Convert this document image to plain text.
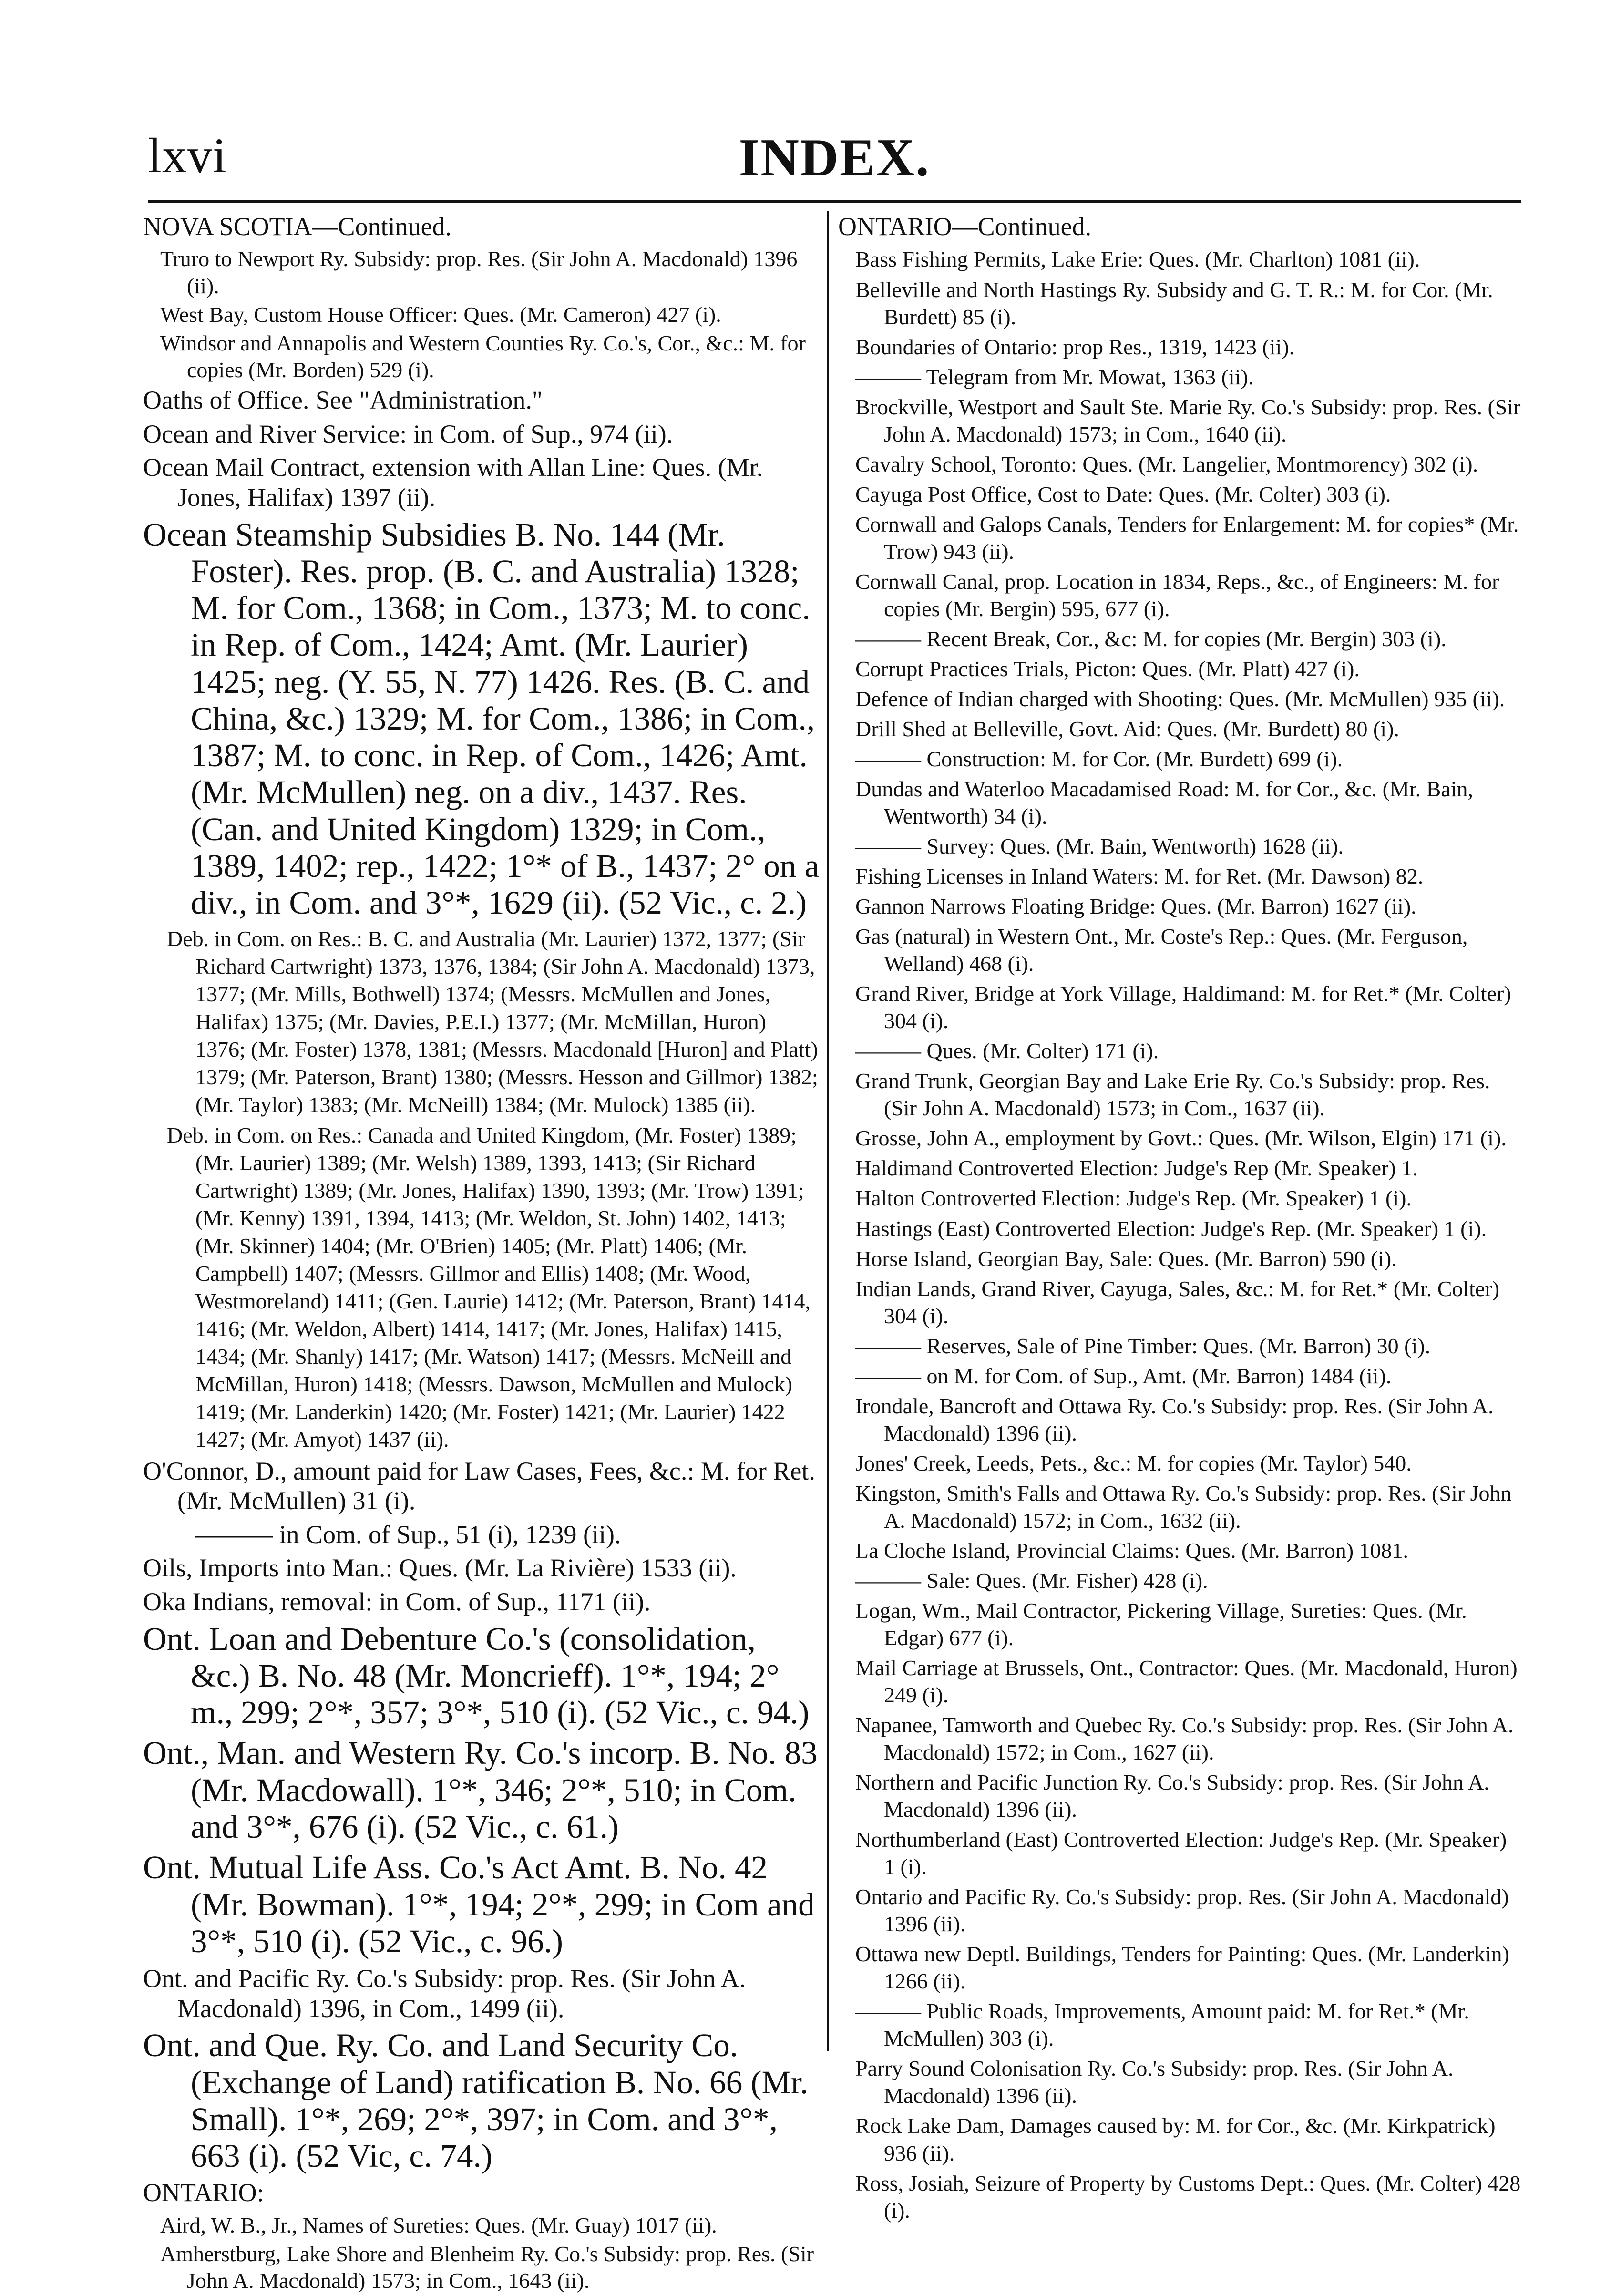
lxvi	INDEX.
NOVA SCOTIA—Continued.
Truro to Newport Ry. Subsidy: prop. Res. (Sir John A. Macdonald) 1396 (ii).
West Bay, Custom House Officer: Ques. (Mr. Cameron) 427 (i).
Windsor and Annapolis and Western Counties Ry. Co.'s, Cor., &c.: M. for copies (Mr. Borden) 529 (i).
Oaths of Office. See "Administration."
Ocean and River Service: in Com. of Sup., 974 (ii).
Ocean Mail Contract, extension with Allan Line: Ques. (Mr. Jones, Halifax) 1397 (ii).
Ocean Steamship Subsidies B. No. 144 (Mr. Foster). Res. prop. (B. C. and Australia) 1328; M. for Com., 1368; in Com., 1373; M. to conc. in Rep. of Com., 1424; Amt. (Mr. Laurier) 1425; neg. (Y. 55, N. 77) 1426. Res. (B. C. and China, &c.) 1329; M. for Com., 1386; in Com., 1387; M. to conc. in Rep. of Com., 1426; Amt. (Mr. McMullen) neg. on a div., 1437. Res. (Can. and United Kingdom) 1329; in Com., 1389, 1402; rep., 1422; 1°* of B., 1437; 2° on a div., in Com. and 3°*, 1629 (ii). (52 Vic., c. 2.)
Deb. in Com. on Res.: B. C. and Australia (Mr. Laurier) 1372, 1377; (Sir Richard Cartwright) 1373, 1376, 1384; (Sir John A. Macdonald) 1373, 1377; (Mr. Mills, Bothwell) 1374; (Messrs. McMullen and Jones, Halifax) 1375; (Mr. Davies, P.E.I.) 1377; (Mr. McMillan, Huron) 1376; (Mr. Foster) 1378, 1381; (Messrs. Macdonald [Huron] and Platt) 1379; (Mr. Paterson, Brant) 1380; (Messrs. Hesson and Gillmor) 1382; (Mr. Taylor) 1383; (Mr. McNeill) 1384; (Mr. Mulock) 1385 (ii).
Deb. in Com. on Res.: Canada and United Kingdom, (Mr. Foster) 1389; (Mr. Laurier) 1389; (Mr. Welsh) 1389, 1393, 1413; (Sir Richard Cartwright) 1389; (Mr. Jones, Halifax) 1390, 1393; (Mr. Trow) 1391; (Mr. Kenny) 1391, 1394, 1413; (Mr. Weldon, St. John) 1402, 1413; (Mr. Skinner) 1404; (Mr. O'Brien) 1405; (Mr. Platt) 1406; (Mr. Campbell) 1407; (Messrs. Gillmor and Ellis) 1408; (Mr. Wood, Westmoreland) 1411; (Gen. Laurie) 1412; (Mr. Paterson, Brant) 1414, 1416; (Mr. Weldon, Albert) 1414, 1417; (Mr. Jones, Halifax) 1415, 1434; (Mr. Shanly) 1417; (Mr. Watson) 1417; (Messrs. McNeill and McMillan, Huron) 1418; (Messrs. Dawson, McMullen and Mulock) 1419; (Mr. Landerkin) 1420; (Mr. Foster) 1421; (Mr. Laurier) 1422 1427; (Mr. Amyot) 1437 (ii).
O'Connor, D., amount paid for Law Cases, Fees, &c.: M. for Ret. (Mr. McMullen) 31 (i).
——— in Com. of Sup., 51 (i), 1239 (ii).
Oils, Imports into Man.: Ques. (Mr. La Rivière) 1533 (ii).
Oka Indians, removal: in Com. of Sup., 1171 (ii).
Ont. Loan and Debenture Co.'s (consolidation, &c.) B. No. 48 (Mr. Moncrieff). 1°*, 194; 2° m., 299; 2°*, 357; 3°*, 510 (i). (52 Vic., c. 94.)
Ont., Man. and Western Ry. Co.'s incorp. B. No. 83 (Mr. Macdowall). 1°*, 346; 2°*, 510; in Com. and 3°*, 676 (i). (52 Vic., c. 61.)
Ont. Mutual Life Ass. Co.'s Act Amt. B. No. 42 (Mr. Bowman). 1°*, 194; 2°*, 299; in Com and 3°*, 510 (i). (52 Vic., c. 96.)
Ont. and Pacific Ry. Co.'s Subsidy: prop. Res. (Sir John A. Macdonald) 1396, in Com., 1499 (ii).
Ont. and Que. Ry. Co. and Land Security Co. (Exchange of Land) ratification B. No. 66 (Mr. Small). 1°*, 269; 2°*, 397; in Com. and 3°*, 663 (i). (52 Vic, c. 74.)
ONTARIO:
Aird, W. B., Jr., Names of Sureties: Ques. (Mr. Guay) 1017 (ii).
Amherstburg, Lake Shore and Blenheim Ry. Co.'s Subsidy: prop. Res. (Sir John A. Macdonald) 1573; in Com., 1643 (ii).
ONTARIO—Continued.
Bass Fishing Permits, Lake Erie: Ques. (Mr. Charlton) 1081 (ii).
Belleville and North Hastings Ry. Subsidy and G. T. R.: M. for Cor. (Mr. Burdett) 85 (i).
Boundaries of Ontario: prop Res., 1319, 1423 (ii).
——— Telegram from Mr. Mowat, 1363 (ii).
Brockville, Westport and Sault Ste. Marie Ry. Co.'s Subsidy: prop. Res. (Sir John A. Macdonald) 1573; in Com., 1640 (ii).
Cavalry School, Toronto: Ques. (Mr. Langelier, Montmorency) 302 (i).
Cayuga Post Office, Cost to Date: Ques. (Mr. Colter) 303 (i).
Cornwall and Galops Canals, Tenders for Enlargement: M. for copies* (Mr. Trow) 943 (ii).
Cornwall Canal, prop. Location in 1834, Reps., &c., of Engineers: M. for copies (Mr. Bergin) 595, 677 (i).
——— Recent Break, Cor., &c: M. for copies (Mr. Bergin) 303 (i).
Corrupt Practices Trials, Picton: Ques. (Mr. Platt) 427 (i).
Defence of Indian charged with Shooting: Ques. (Mr. McMullen) 935 (ii).
Drill Shed at Belleville, Govt. Aid: Ques. (Mr. Burdett) 80 (i).
——— Construction: M. for Cor. (Mr. Burdett) 699 (i).
Dundas and Waterloo Macadamised Road: M. for Cor., &c. (Mr. Bain, Wentworth) 34 (i).
——— Survey: Ques. (Mr. Bain, Wentworth) 1628 (ii).
Fishing Licenses in Inland Waters: M. for Ret. (Mr. Dawson) 82.
Gannon Narrows Floating Bridge: Ques. (Mr. Barron) 1627 (ii).
Gas (natural) in Western Ont., Mr. Coste's Rep.: Ques. (Mr. Ferguson, Welland) 468 (i).
Grand River, Bridge at York Village, Haldimand: M. for Ret.* (Mr. Colter) 304 (i).
——— Ques. (Mr. Colter) 171 (i).
Grand Trunk, Georgian Bay and Lake Erie Ry. Co.'s Subsidy: prop. Res. (Sir John A. Macdonald) 1573; in Com., 1637 (ii).
Grosse, John A., employment by Govt.: Ques. (Mr. Wilson, Elgin) 171 (i).
Haldimand Controverted Election: Judge's Rep (Mr. Speaker) 1.
Halton Controverted Election: Judge's Rep. (Mr. Speaker) 1 (i).
Hastings (East) Controverted Election: Judge's Rep. (Mr. Speaker) 1 (i).
Horse Island, Georgian Bay, Sale: Ques. (Mr. Barron) 590 (i).
Indian Lands, Grand River, Cayuga, Sales, &c.: M. for Ret.* (Mr. Colter) 304 (i).
——— Reserves, Sale of Pine Timber: Ques. (Mr. Barron) 30 (i).
——— on M. for Com. of Sup., Amt. (Mr. Barron) 1484 (ii).
Irondale, Bancroft and Ottawa Ry. Co.'s Subsidy: prop. Res. (Sir John A. Macdonald) 1396 (ii).
Jones' Creek, Leeds, Pets., &c.: M. for copies (Mr. Taylor) 540.
Kingston, Smith's Falls and Ottawa Ry. Co.'s Subsidy: prop. Res. (Sir John A. Macdonald) 1572; in Com., 1632 (ii).
La Cloche Island, Provincial Claims: Ques. (Mr. Barron) 1081.
——— Sale: Ques. (Mr. Fisher) 428 (i).
Logan, Wm., Mail Contractor, Pickering Village, Sureties: Ques. (Mr. Edgar) 677 (i).
Mail Carriage at Brussels, Ont., Contractor: Ques. (Mr. Macdonald, Huron) 249 (i).
Napanee, Tamworth and Quebec Ry. Co.'s Subsidy: prop. Res. (Sir John A. Macdonald) 1572; in Com., 1627 (ii).
Northern and Pacific Junction Ry. Co.'s Subsidy: prop. Res. (Sir John A. Macdonald) 1396 (ii).
Northumberland (East) Controverted Election: Judge's Rep. (Mr. Speaker) 1 (i).
Ontario and Pacific Ry. Co.'s Subsidy: prop. Res. (Sir John A. Macdonald) 1396 (ii).
Ottawa new Deptl. Buildings, Tenders for Painting: Ques. (Mr. Landerkin) 1266 (ii).
——— Public Roads, Improvements, Amount paid: M. for Ret.* (Mr. McMullen) 303 (i).
Parry Sound Colonisation Ry. Co.'s Subsidy: prop. Res. (Sir John A. Macdonald) 1396 (ii).
Rock Lake Dam, Damages caused by: M. for Cor., &c. (Mr. Kirkpatrick) 936 (ii).
Ross, Josiah, Seizure of Property by Customs Dept.: Ques. (Mr. Colter) 428 (i).
